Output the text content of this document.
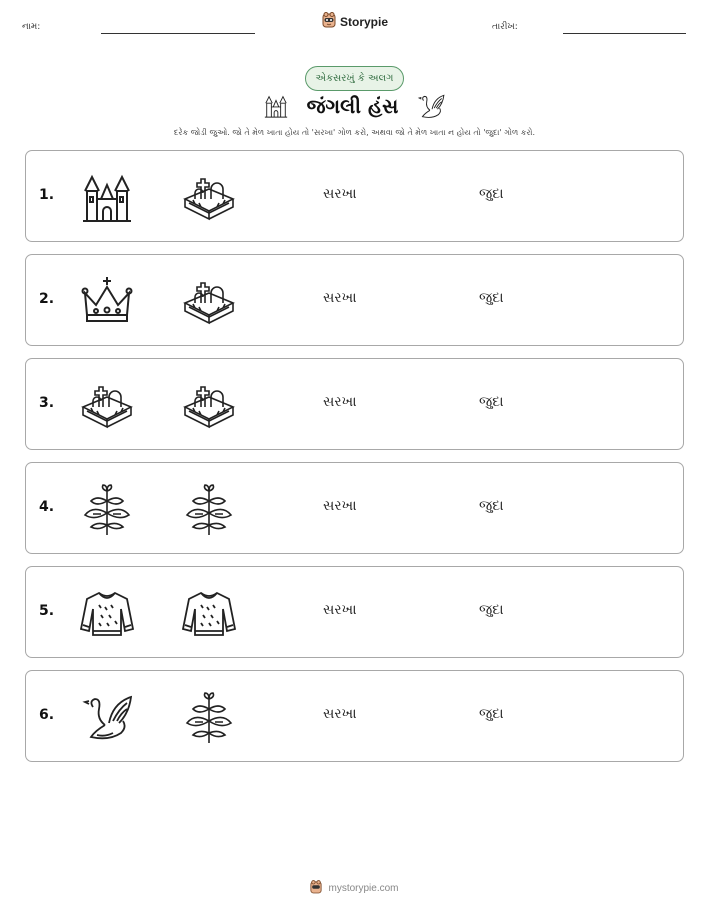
નામ:	Storypie	તારીખ:
એકસરખું કે અલગ
જંગલી હંસ
દરેક જોડી જુઓ. જો તે મેળ ખાતા હોય તો 'સરખા' ગોળ કરો, અથવા જો તે મેળ ખાતા ન હોય તો 'જુદા' ગોળ કરો.
1.	સરખા	જુદા
2.	સરખા	જુદા
3.	સરખા	જુદા
4.	સરખા	જુદા
5.	સરખા	જુદા
6.	સરખા	જુદા
mystorypie.com
